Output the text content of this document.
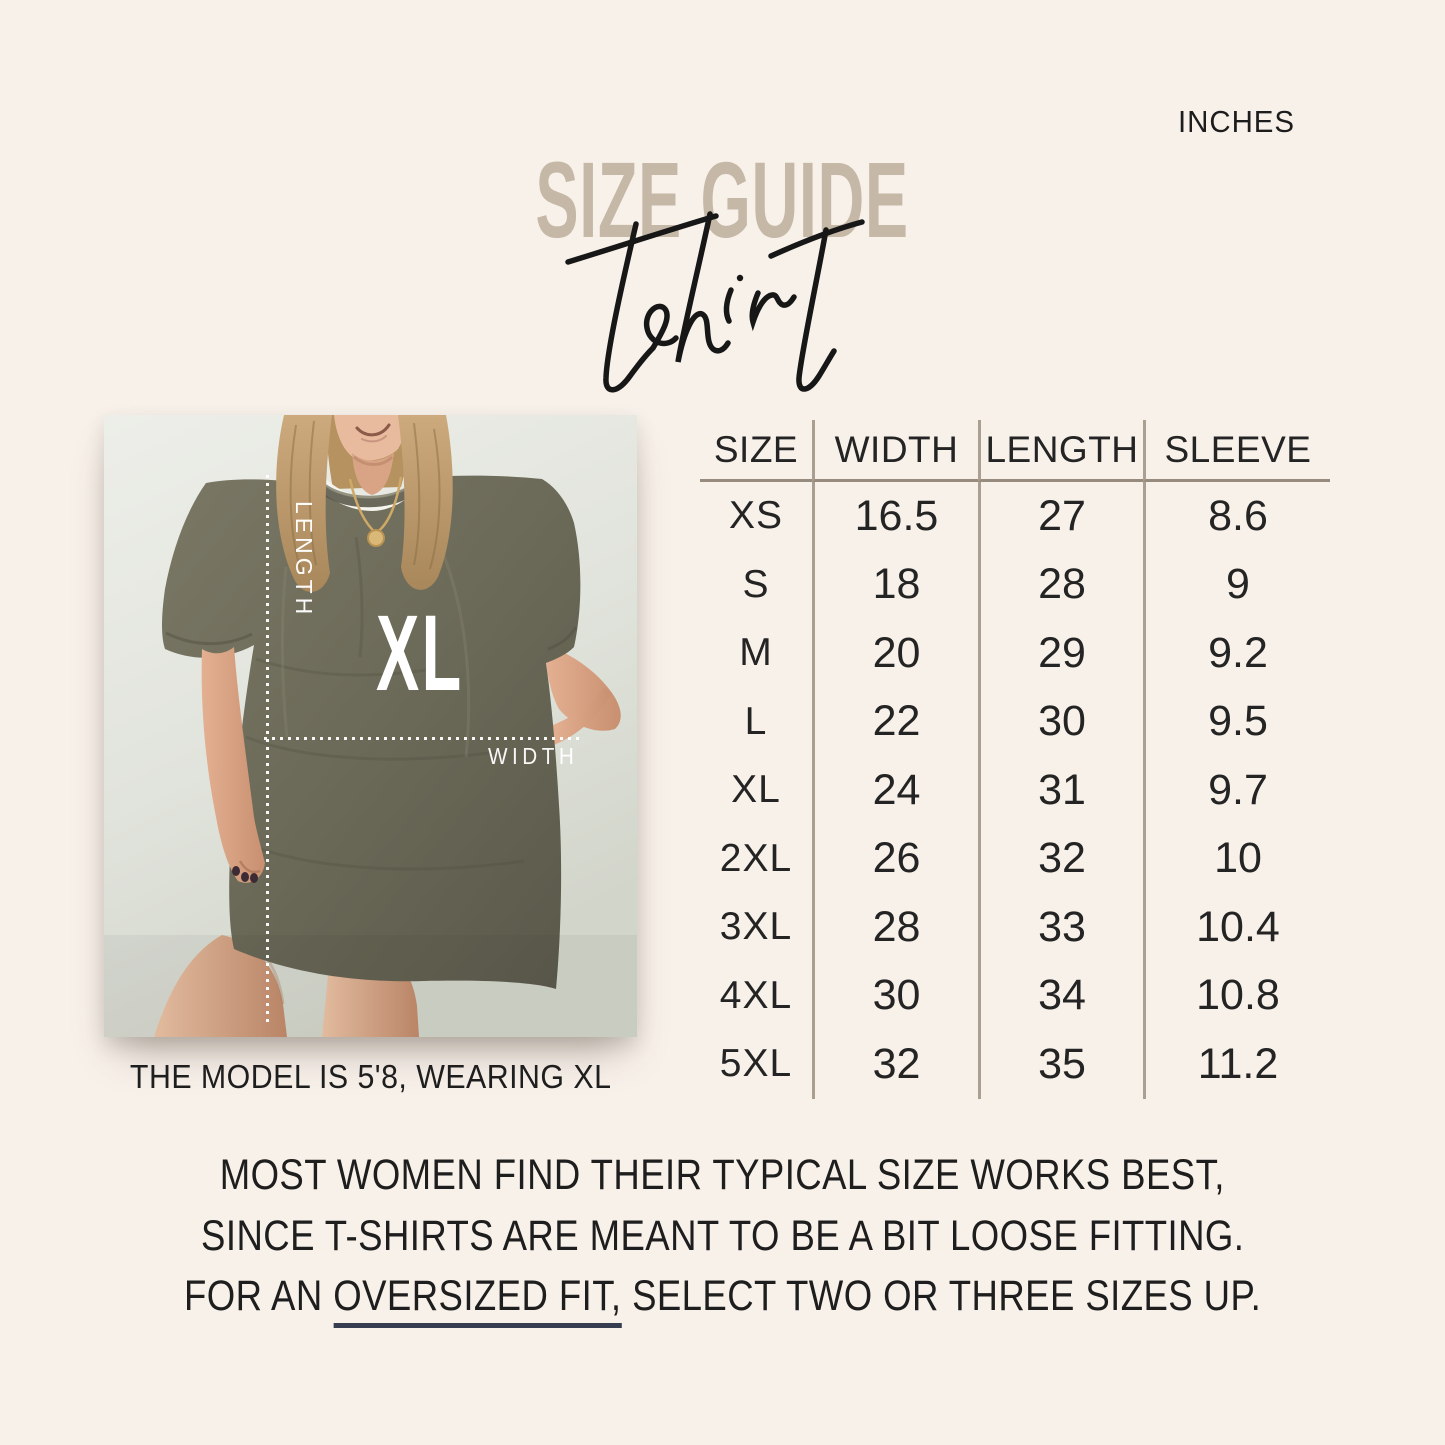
INCHES
SIZE GUIDE
LENGTH
WIDTH
XL
THE MODEL IS 5'8, WEARING XL
SIZE WIDTH LENGTH SLEEVE
XS	16.5	27	8.6
S	18	28	9
M	20	29	9.2
L	22	30	9.5
XL	24	31	9.7
2XL	26	32	10
3XL	28	33	10.4
4XL	30	34	10.8
5XL	32	35	11.2
MOST WOMEN FIND THEIR TYPICAL SIZE WORKS BEST,
SINCE T-SHIRTS ARE MEANT TO BE A BIT LOOSE FITTING.
FOR AN OVERSIZED FIT, SELECT TWO OR THREE SIZES UP.
